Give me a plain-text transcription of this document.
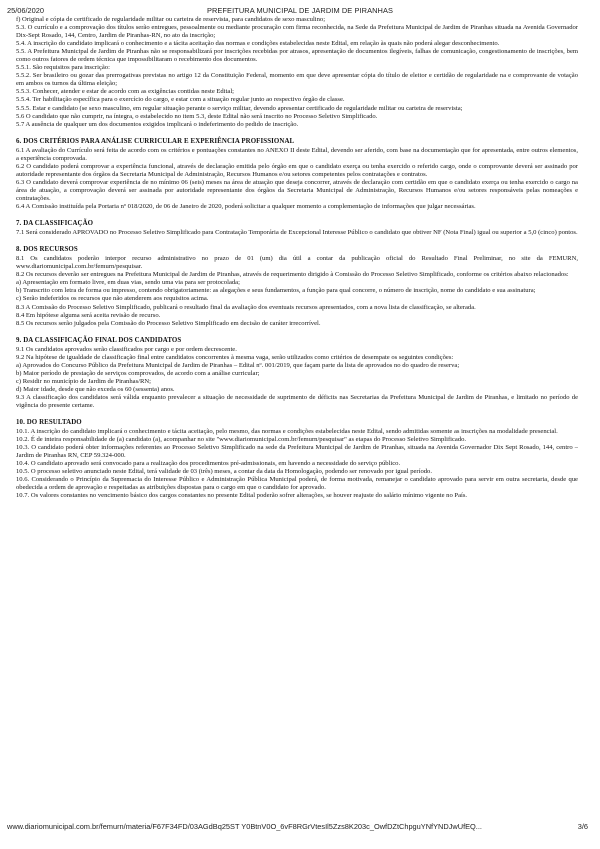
25/06/2020	PREFEITURA MUNICIPAL DE JARDIM DE PIRANHAS

f) Original e cópia de certificado de regularidade militar ou carteira de reservista, para candidatos de sexo masculino;

5.3. O currículo e a comprovação dos títulos serão entregues, pessoalmente ou mediante procuração com firma reconhecida, na Sede da Prefeitura Municipal de Jardim de Piranhas situada na Avenida Governador Dix-Sept Rosado, 144, Centro, Jardim de Piranhas-RN, no ato da inscrição;

5.4. A inscrição do candidato implicará o conhecimento e a tácita aceitação das normas e condições estabelecidas neste Edital, em relação às quais não poderá alegar desconhecimento.

5.5. A Prefeitura Municipal de Jardim de Piranhas não se responsabilizará por inscrições recebidas por atrasos, apresentação de documentos ilegíveis, falhas de comunicação, congestionamento de inscrições, bem como outros fatores de ordem técnica que impossibilitaram o recebimento dos documentos.

5.5.1. São requisitos para inscrição:

5.5.2. Ser brasileiro ou gozar das prerrogativas previstas no artigo 12 da Constituição Federal, momento em que deve apresentar cópia do título de eleitor e certidão de regularidade na e comprovante de votação em ambos os turnos da última eleição;

5.5.3. Conhecer, atender e estar de acordo com as exigências contidas neste Edital;

5.5.4. Ter habilitação específica para o exercício do cargo, e estar com a situação regular junto ao respectivo órgão de classe.

5.5.5. Estar e candidato (se sexo masculino, em regular situação perante o serviço militar, devendo apresentar certificado de regularidade militar ou carteira de reservista;

5.6 O candidato que não cumprir, na íntegra, o estabelecido no item 5.3, deste Edital não será inscrito no Processo Seletivo Simplificado.

5.7 A ausência de qualquer um dos documentos exigidos implicará o indeferimento do pedido de inscrição.

6. DOS CRITÉRIOS PARA ANÁLISE CURRICULAR E EXPERIÊNCIA PROFISSIONAL

6.1 A avaliação do Currículo será feita de acordo com os critérios e pontuações constantes no ANEXO II deste Edital, devendo ser aferido, com base na documentação que for apresentada, entre outros elementos, a experiência comprovada.

6.2 O candidato poderá comprovar a experiência funcional, através de declaração emitida pelo órgão em que o candidato exerça ou tenha exercido o referido cargo, onde o comprovante deverá ser assinado por autoridade representante dos órgãos da Secretaria Municipal de Administração, Recursos Humanos e/ou setores competentes pelos contratações e contratos.

6.3 O candidato deverá comprovar experiência de no mínimo 06 (seis) meses na área de atuação que deseja concorrer, através de declaração com certidão em que o candidato exerça ou tenha exercido o cargo na área de atuação, a comprovação deverá ser assinada por autoridade representante dos órgãos da Secretaria Municipal de Administração, Recursos Humanos e/ou setores responsáveis pelas nomeações e contratações.

6.4 A Comissão instituída pela Portaria nº 018/2020, de 06 de Janeiro de 2020, poderá solicitar a qualquer momento a complementação de informações que julgar necessárias.

7. DA CLASSIFICAÇÃO

7.1 Será considerado APROVADO no Processo Seletivo Simplificado para Contratação Temporária de Excepcional Interesse Público o candidato que obtiver NF (Nota Final) igual ou superior a 5,0 (cinco) pontos.

8. DOS RECURSOS

8.1 Os candidatos poderão interpor recurso administrativo no prazo de 01 (um) dia útil a contar da publicação oficial do Resultado Final Preliminar, no site da FEMURN, www.diariomunicipal.com.br/femurn/pesquisar.

8.2 Os recursos deverão ser entregues na Prefeitura Municipal de Jardim de Piranhas, através de requerimento dirigido à Comissão do Processo Seletivo Simplificado, conforme os critérios abaixo relacionados:

a) Apresentação em formato livre, em duas vias, sendo uma via para ser protocolada;

b) Transcrito com letra de forma ou impresso, contendo obrigatoriamente: as alegações e seus fundamentos, a função para qual concorre, o número de inscrição, nome do candidato e sua assinatura;

c) Serão indeferidos os recursos que não atenderem aos requisitos acima.

8.3 A Comissão do Processo Seletivo Simplificado, publicará o resultado final da avaliação dos eventuais recursos apresentados, com a nova lista de classificação, se alterada.

8.4 Em hipótese alguma será aceita revisão de recurso.

8.5 Os recursos serão julgados pela Comissão do Processo Seletivo Simplificado em decisão de caráter irrecorrível.

9. DA CLASSIFICAÇÃO FINAL DOS CANDIDATOS

9.1 Os candidatos aprovados serão classificados por cargo e por ordem decrescente.

9.2 Na hipótese de igualdade de classificação final entre candidatos concorrentes à mesma vaga, serão utilizados como critérios de desempate os seguintes condições:

a) Aprovados do Concurso Público da Prefeitura Municipal de Jardim de Piranhas – Edital nº. 001/2019, que façam parte da lista de aprovados no do quadro de reserva;

b) Maior período de prestação de serviços comprovados, de acordo com a análise curricular;

c) Residir no município de Jardim de Piranhas/RN;

d) Maior idade, desde que não exceda os 60 (sessenta) anos.

9.3 A classificação dos candidatos será válida enquanto prevalecer a situação de necessidade de suprimento de déficits nas Secretarias da Prefeitura Municipal de Jardim de Piranhas, e limitado no período de vigência do presente certame.

10. DO RESULTADO

10.1. A inscrição do candidato implicará o conhecimento e tácita aceitação, pelo mesmo, das normas e condições estabelecidas neste Edital, sendo admitidas somente as inscrições na modalidade presencial.

10.2. É de inteira responsabilidade de (a) candidato (a), acompanhar no site "www.diariomunicipal.com.br/femurn/pesquisar" as etapas do Processo Seletivo Simplificado.

10.3. O candidato poderá obter informações referentes ao Processo Seletivo Simplificado na sede da Prefeitura Municipal de Jardim de Piranhas, situada na Avenida Governador Dix Sept Rosado, 144, centro – Jardim de Piranhas RN, CEP 59.324-000.

10.4. O candidato aprovado será convocado para a realização dos procedimentos pré-admissionais, em havendo a necessidade do serviço público.

10.5. O processo seletivo anunciado neste Edital, terá validade de 03 (três) meses, a contar da data da Homologação, podendo ser renovado por igual período.

10.6. Considerando o Princípio da Supremacia do Interesse Público e Administração Pública Municipal poderá, de forma motivada, remanejar o candidato aprovado para servir em outra secretaria, desde que obedecida a ordem de aprovação e respeitadas as atribuições dispostas para o cargo em que o candidato for aprovado.

10.7. Os valores constantes no vencimento básico dos cargos constantes no presente Edital poderão sofrer alterações, se houver reajuste do salário mínimo vigente no País.

www.diariomunicipal.com.br/femurn/materia/F67F34FD/03AGdBq25ST Y0BtnV0O_6vF8RGrVtesIl5Zzs8K203c_OwfDZtChpguYNfYNDJwUfEQ...	3/6
